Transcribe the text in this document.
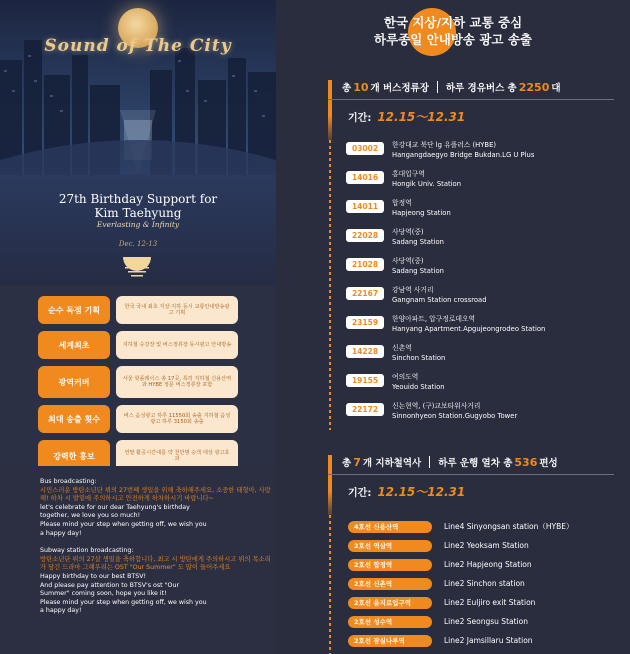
Sound of The City
27th Birthday Support for
Kim Taehyung
Everlasting & Infinity
Dec. 12-13
순수 독점 기획	한국 국내 최초 지상·지하 동시 교통안내방송광고 기획
세계최초	지하철 승강장 및 버스정류장 동시광고 안내방송
광역커버	서울 핫플레이스 총 17곳, 특히 지하철 신용산역과 HYBE 정문 버스정류장 포함
최대 송출 횟수	버스 음성광고 하루 11550회 송출 지하철 음성광고 하루 3150회 송출
강력한 홍보	연말 활공시간대를 약 천만명 승객 대상 광고효과
Bus broadcasting:
시민스러운 방탄소년단 뷔의 27번째 생일을 위해 축하해주세요, 소중한 태형아, 사랑해! 하차 시 발밑에 주의하시고 안전하게 하차하시기 바랍니다~
let's celebrate for our dear Taehyung's birthday
together, we love you so much!
Please mind your step when getting off, we wish you
a happy day!
Subway station broadcasting:
방탄소년단 뷔의 27살 생일을 축하합니다, 최고 시 방탄에게 주의하시고 뷔의 목소리가 담긴 드라마 그해우리는 OST "Our Summer" 도 많이 들어주세요
Happy birthday to our best BTSV!
And please pay attention to BTSV's ost "Our
Summer" coming soon, hope you like it!
Please mind your step when getting off, we wish you
a happy day!
한국 지상/지하 교통 중심
하루종일 안내방송 광고 송출
총 10 개 버스정류장 하루 경유버스 총 2250 대
기간: 12.15～12.31
03002	한강대교 북단 lg 유플러스 (HYBE)
Hangangdaegyo Bridge Bukdan.LG U Plus
14016	홍대입구역
Hongik Univ. Station
14011	합정역
Hapjeong Station
22028	사당역(중)
Sadang Station
21028	사당역(중)
Sadang Station
22167	강남역 사거리
Gangnam Station crossroad
23159	한양아파트, 압구정로데오역
Hanyang Apartment.Apgujeongrodeo Station
14228	신촌역
Sinchon Station
19155	여의도역
Yeouido Station
22172	신논현역, (구)교보타워사거리
Sinnonhyeon Station.Gugyobo Tower
총 7 개 지하철역사 하루 운행 열차 총 536 편성
기간: 12.15～12.31
4호선 신용산역	Line4 Sinyongsan station（HYBE）
2호선 역삼역	Line2 Yeoksam Station
2호선 합정역	Line2 Hapjeong Station
2호선 신촌역	Line2 Sinchon station
2호선 을지로입구역	Line2 Euljiro exit Station
2호선 성수역	Line2 Seongsu Station
2호선 잠실나루역	Line2 Jamsillaru Station
